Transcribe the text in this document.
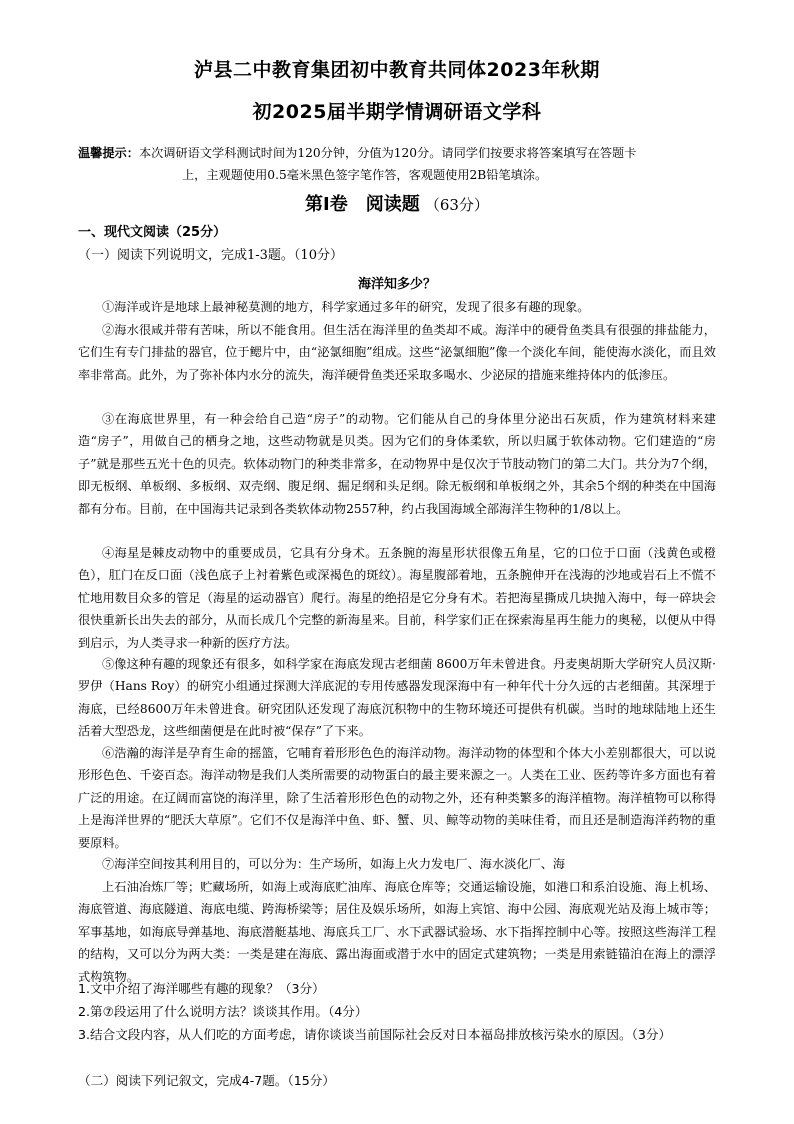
泸县二中教育集团初中教育共同体2023年秋期
初2025届半期学情调研语文学科
温馨提示：本次调研语文学科测试时间为120分钟，分值为120分。请同学们按要求将答案填写在答题卡
上，主观题使用0.5毫米黑色签字笔作答，客观题使用2B铅笔填涂。
第Ⅰ卷　阅读题 （63分）
一、现代文阅读（25分）
（一）阅读下列说明文，完成1-3题。（10分）
海洋知多少？
①海洋或许是地球上最神秘莫测的地方，科学家通过多年的研究，发现了很多有趣的现象。
②海水很咸并带有苦味，所以不能食用。但生活在海洋里的鱼类却不咸。海洋中的硬骨鱼类具有很强的排盐能力，它们生有专门排盐的器官，位于鳃片中，由“泌氯细胞”组成。这些“泌氯细胞”像一个淡化车间，能使海水淡化，而且效率非常高。此外，为了弥补体内水分的流失，海洋硬骨鱼类还采取多喝水、少泌尿的措施来维持体内的低渗压。
③在海底世界里，有一种会给自己造“房子”的动物。它们能从自己的身体里分泌出石灰质，作为建筑材料来建造“房子”，用做自己的栖身之地，这些动物就是贝类。因为它们的身体柔软，所以归属于软体动物。它们建造的“房子”就是那些五光十色的贝壳。软体动物门的种类非常多，在动物界中是仅次于节肢动物门的第二大门。共分为7个纲，即无板纲、单板纲、多板纲、双壳纲、腹足纲、掘足纲和头足纲。除无板纲和单板纲之外，其余5个纲的种类在中国海都有分布。目前，在中国海共记录到各类软体动物2557种，约占我国海域全部海洋生物种的1/8以上。
④海星是棘皮动物中的重要成员，它具有分身术。五条腕的海星形状很像五角星，它的口位于口面（浅黄色或橙色），肛门在反口面（浅色底子上衬着紫色或深褐色的斑纹）。海星腹部着地，五条腕伸开在浅海的沙地或岩石上不慌不忙地用数目众多的管足（海星的运动器官）爬行。海星的绝招是它分身有术。若把海星撕成几块抛入海中，每一碎块会很快重新长出失去的部分，从而长成几个完整的新海星来。目前，科学家们正在探索海星再生能力的奥秘，以便从中得到启示，为人类寻求一种新的医疗方法。
⑤像这种有趣的现象还有很多，如科学家在海底发现古老细菌 8600万年未曾进食。丹麦奥胡斯大学研究人员汉斯·罗伊（Hans Roy）的研究小组通过探测大洋底泥的专用传感器发现深海中有一种年代十分久远的古老细菌。其深埋于海底，已经8600万年未曾进食。研究团队还发现了海底沉积物中的生物环境还可提供有机碳。当时的地球陆地上还生活着大型恐龙，这些细菌便是在此时被“保存”了下来。
⑥浩瀚的海洋是孕育生命的摇篮，它哺育着形形色色的海洋动物。海洋动物的体型和个体大小差别都很大，可以说形形色色、千姿百态。海洋动物是我们人类所需要的动物蛋白的最主要来源之一。人类在工业、医药等许多方面也有着广泛的用途。在辽阔而富饶的海洋里，除了生活着形形色色的动物之外，还有种类繁多的海洋植物。海洋植物可以称得上是海洋世界的“肥沃大草原”。它们不仅是海洋中鱼、虾、蟹、贝、鲸等动物的美味佳肴，而且还是制造海洋药物的重要原料。
⑦海洋空间按其利用目的，可以分为：生产场所，如海上火力发电厂、海水淡化厂、海
上石油冶炼厂等；贮藏场所，如海上或海底贮油库、海底仓库等；交通运输设施，如港口和系泊设施、海上机场、海底管道、海底隧道、海底电缆、跨海桥梁等；居住及娱乐场所，如海上宾馆、海中公园、海底观光站及海上城市等；军事基地，如海底导弹基地、海底潜艇基地、海底兵工厂、水下武器试验场、水下指挥控制中心等。按照这些海洋工程的结构，又可以分为两大类：一类是建在海底、露出海面或潜于水中的固定式建筑物；一类是用索链锚泊在海上的漂浮式构筑物。
1.文中介绍了海洋哪些有趣的现象？（3分）
2.第⑦段运用了什么说明方法？谈谈其作用。（4分）
3.结合文段内容，从人们吃的方面考虑，请你谈谈当前国际社会反对日本福岛排放核污染水的原因。（3分）
（二）阅读下列记叙文，完成4-7题。（15分）
